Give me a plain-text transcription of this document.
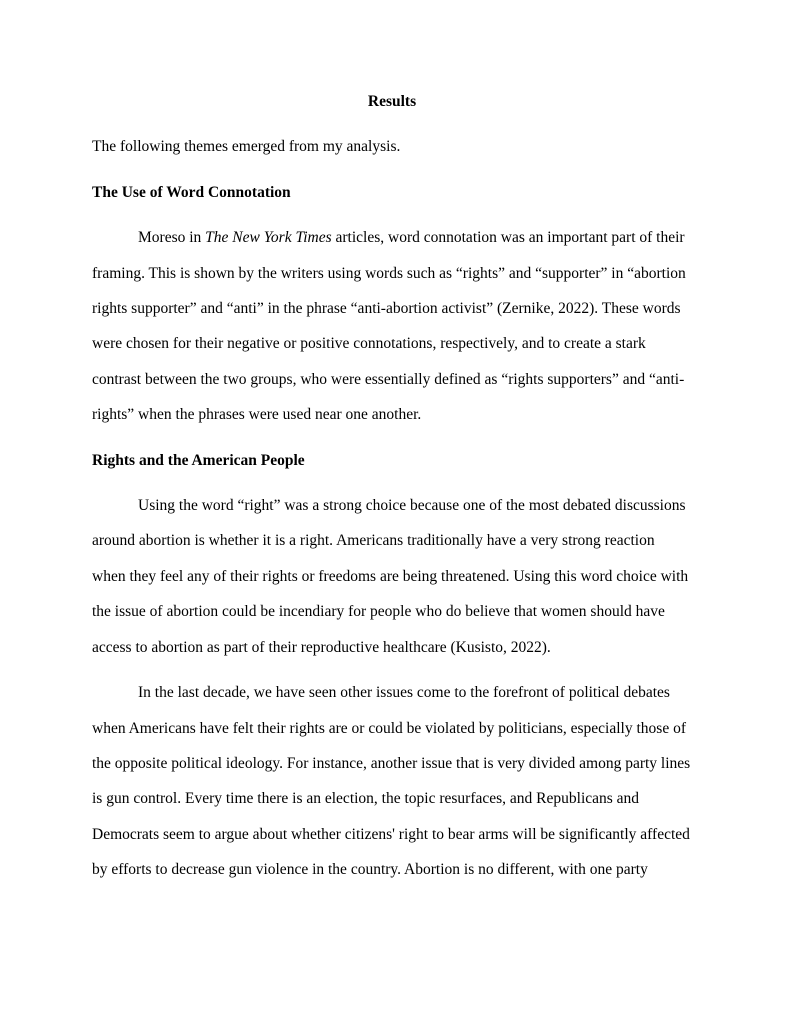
Results

The following themes emerged from my analysis.

The Use of Word Connotation

Moreso in The New York Times articles, word connotation was an important part of their framing. This is shown by the writers using words such as “rights” and “supporter” in “abortion rights supporter” and “anti” in the phrase “anti-abortion activist” (Zernike, 2022). These words were chosen for their negative or positive connotations, respectively, and to create a stark contrast between the two groups, who were essentially defined as “rights supporters” and “anti-rights” when the phrases were used near one another.

Rights and the American People

Using the word “right” was a strong choice because one of the most debated discussions around abortion is whether it is a right. Americans traditionally have a very strong reaction when they feel any of their rights or freedoms are being threatened. Using this word choice with the issue of abortion could be incendiary for people who do believe that women should have access to abortion as part of their reproductive healthcare (Kusisto, 2022).

In the last decade, we have seen other issues come to the forefront of political debates when Americans have felt their rights are or could be violated by politicians, especially those of the opposite political ideology. For instance, another issue that is very divided among party lines is gun control. Every time there is an election, the topic resurfaces, and Republicans and Democrats seem to argue about whether citizens' right to bear arms will be significantly affected by efforts to decrease gun violence in the country. Abortion is no different, with one party
